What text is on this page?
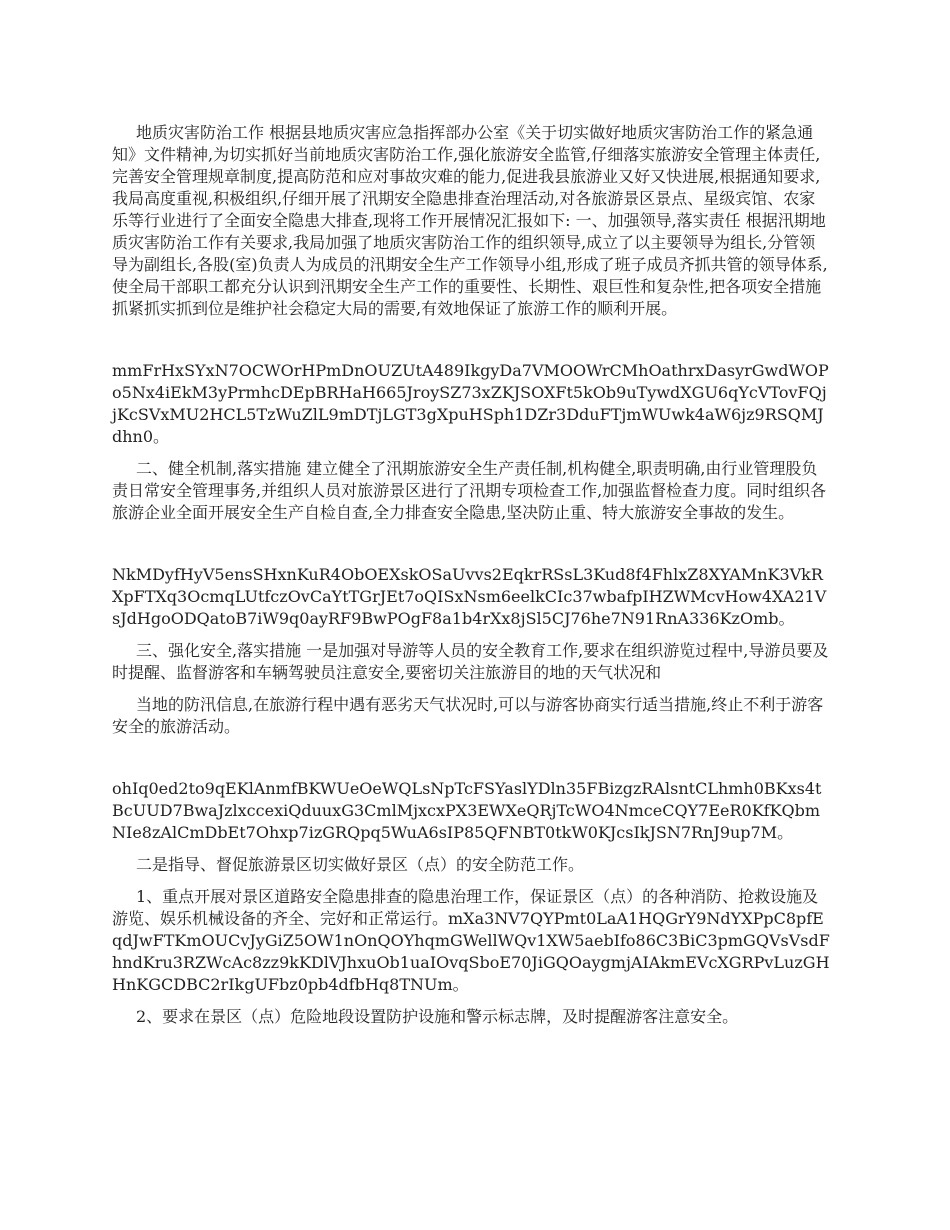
地质灾害防治工作 根据县地质灾害应急指挥部办公室《关于切实做好地质灾害防治工作的紧急通知》文件精神,为切实抓好当前地质灾害防治工作,强化旅游安全监管,仔细落实旅游安全管理主体责任,完善安全管理规章制度,提高防范和应对事故灾难的能力,促进我县旅游业又好又快进展,根据通知要求,我局高度重视,积极组织,仔细开展了汛期安全隐患排查治理活动,对各旅游景区景点、星级宾馆、农家乐等行业进行了全面安全隐患大排查,现将工作开展情况汇报如下: 一、加强领导,落实责任 根据汛期地质灾害防治工作有关要求,我局加强了地质灾害防治工作的组织领导,成立了以主要领导为组长,分管领导为副组长,各股(室)负责人为成员的汛期安全生产工作领导小组,形成了班子成员齐抓共管的领导体系,使全局干部职工都充分认识到汛期安全生产工作的重要性、长期性、艰巨性和复杂性,把各项安全措施抓紧抓实抓到位是维护社会稳定大局的需要,有效地保证了旅游工作的顺利开展。

mmFrHxSYxN7OCWOrHPmDnOUZUtA489IkgyDa7VMOOWrCMhOathrxDasyrGwdWOPo5Nx4iEkM3yPrmhcDEpBRHaH665JroySZ73xZKJSOXFt5kOb9uTywdXGU6qYcVTovFQjjKcSVxMU2HCL5TzWuZlL9mDTjLGT3gXpuHSph1DZr3DduFTjmWUwk4aW6jz9RSQMJdhn0。

二、健全机制,落实措施 建立健全了汛期旅游安全生产责任制,机构健全,职责明确,由行业管理股负责日常安全管理事务,并组织人员对旅游景区进行了汛期专项检查工作,加强监督检查力度。同时组织各旅游企业全面开展安全生产自检自查,全力排查安全隐患,坚决防止重、特大旅游安全事故的发生。

NkMDyfHyV5ensSHxnKuR4ObOEXskOSaUvvs2EqkrRSsL3Kud8f4FhlxZ8XYAMnK3VkRXpFTXq3OcmqLUtfczOvCaYtTGrJEt7oQISxNsm6eelkCIc37wbafpIHZWMcvHow4XA21VsJdHgoODQatoB7iW9q0ayRF9BwPOgF8a1b4rXx8jSl5CJ76he7N91RnA336KzOmb。

三、强化安全,落实措施 一是加强对导游等人员的安全教育工作,要求在组织游览过程中,导游员要及时提醒、监督游客和车辆驾驶员注意安全,要密切关注旅游目的地的天气状况和

当地的防汛信息,在旅游行程中遇有恶劣天气状况时,可以与游客协商实行适当措施,终止不利于游客安全的旅游活动。

ohIq0ed2to9qEKlAnmfBKWUeOeWQLsNpTcFSYaslYDln35FBizgzRAlsntCLhmh0BKxs4tBcUUD7BwaJzlxccexiQduuxG3CmlMjxcxPX3EWXeQRjTcWO4NmceCQY7EeR0KfKQbmNIe8zAlCmDbEt7Ohxp7izGRQpq5WuA6sIP85QFNBT0tkW0KJcsIkJSN7RnJ9up7M。

二是指导、督促旅游景区切实做好景区（点）的安全防范工作。

1、重点开展对景区道路安全隐患排查的隐患治理工作，保证景区（点）的各种消防、抢救设施及游览、娱乐机械设备的齐全、完好和正常运行。mXa3NV7QYPmt0LaA1HQGrY9NdYXPpC8pfEqdJwFTKmOUCvJyGiZ5OW1nOnQOYhqmGWellWQv1XW5aebIfo86C3BiC3pmGQVsVsdFhndKru3RZWcAc8zz9kKDlVJhxuOb1uaIOvqSboE70JiGQOaygmjAIAkmEVcXGRPvLuzGHHnKGCDBC2rIkgUFbz0pb4dfbHq8TNUm。

2、要求在景区（点）危险地段设置防护设施和警示标志牌，及时提醒游客注意安全。
